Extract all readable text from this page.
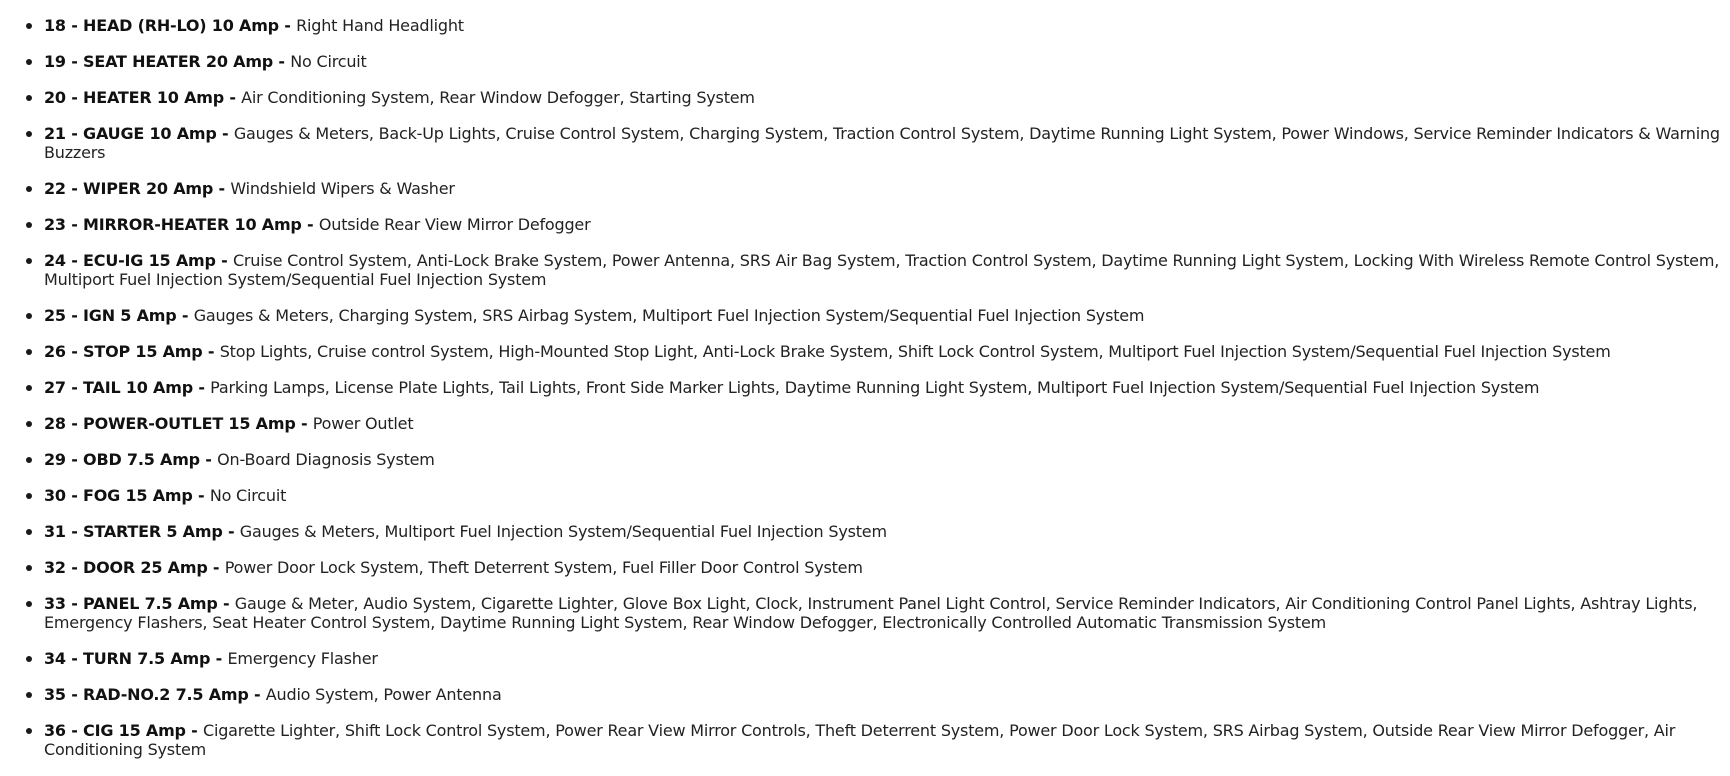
18 - HEAD (RH-LO) 10 Amp - Right Hand Headlight
19 - SEAT HEATER 20 Amp - No Circuit
20 - HEATER 10 Amp - Air Conditioning System, Rear Window Defogger, Starting System
21 - GAUGE 10 Amp - Gauges & Meters, Back-Up Lights, Cruise Control System, Charging System, Traction Control System, Daytime Running Light System, Power Windows, Service Reminder Indicators & Warning Buzzers
22 - WIPER 20 Amp - Windshield Wipers & Washer
23 - MIRROR-HEATER 10 Amp - Outside Rear View Mirror Defogger
24 - ECU-IG 15 Amp - Cruise Control System, Anti-Lock Brake System, Power Antenna, SRS Air Bag System, Traction Control System, Daytime Running Light System, Locking With Wireless Remote Control System, Multiport Fuel Injection System/Sequential Fuel Injection System
25 - IGN 5 Amp - Gauges & Meters, Charging System, SRS Airbag System, Multiport Fuel Injection System/Sequential Fuel Injection System
26 - STOP 15 Amp - Stop Lights, Cruise control System, High-Mounted Stop Light, Anti-Lock Brake System, Shift Lock Control System, Multiport Fuel Injection System/Sequential Fuel Injection System
27 - TAIL 10 Amp - Parking Lamps, License Plate Lights, Tail Lights, Front Side Marker Lights, Daytime Running Light System, Multiport Fuel Injection System/Sequential Fuel Injection System
28 - POWER-OUTLET 15 Amp - Power Outlet
29 - OBD 7.5 Amp - On-Board Diagnosis System
30 - FOG 15 Amp - No Circuit
31 - STARTER 5 Amp - Gauges & Meters, Multiport Fuel Injection System/Sequential Fuel Injection System
32 - DOOR 25 Amp - Power Door Lock System, Theft Deterrent System, Fuel Filler Door Control System
33 - PANEL 7.5 Amp - Gauge & Meter, Audio System, Cigarette Lighter, Glove Box Light, Clock, Instrument Panel Light Control, Service Reminder Indicators, Air Conditioning Control Panel Lights, Ashtray Lights, Emergency Flashers, Seat Heater Control System, Daytime Running Light System, Rear Window Defogger, Electronically Controlled Automatic Transmission System
34 - TURN 7.5 Amp - Emergency Flasher
35 - RAD-NO.2 7.5 Amp - Audio System, Power Antenna
36 - CIG 15 Amp - Cigarette Lighter, Shift Lock Control System, Power Rear View Mirror Controls, Theft Deterrent System, Power Door Lock System, SRS Airbag System, Outside Rear View Mirror Defogger, Air Conditioning System
